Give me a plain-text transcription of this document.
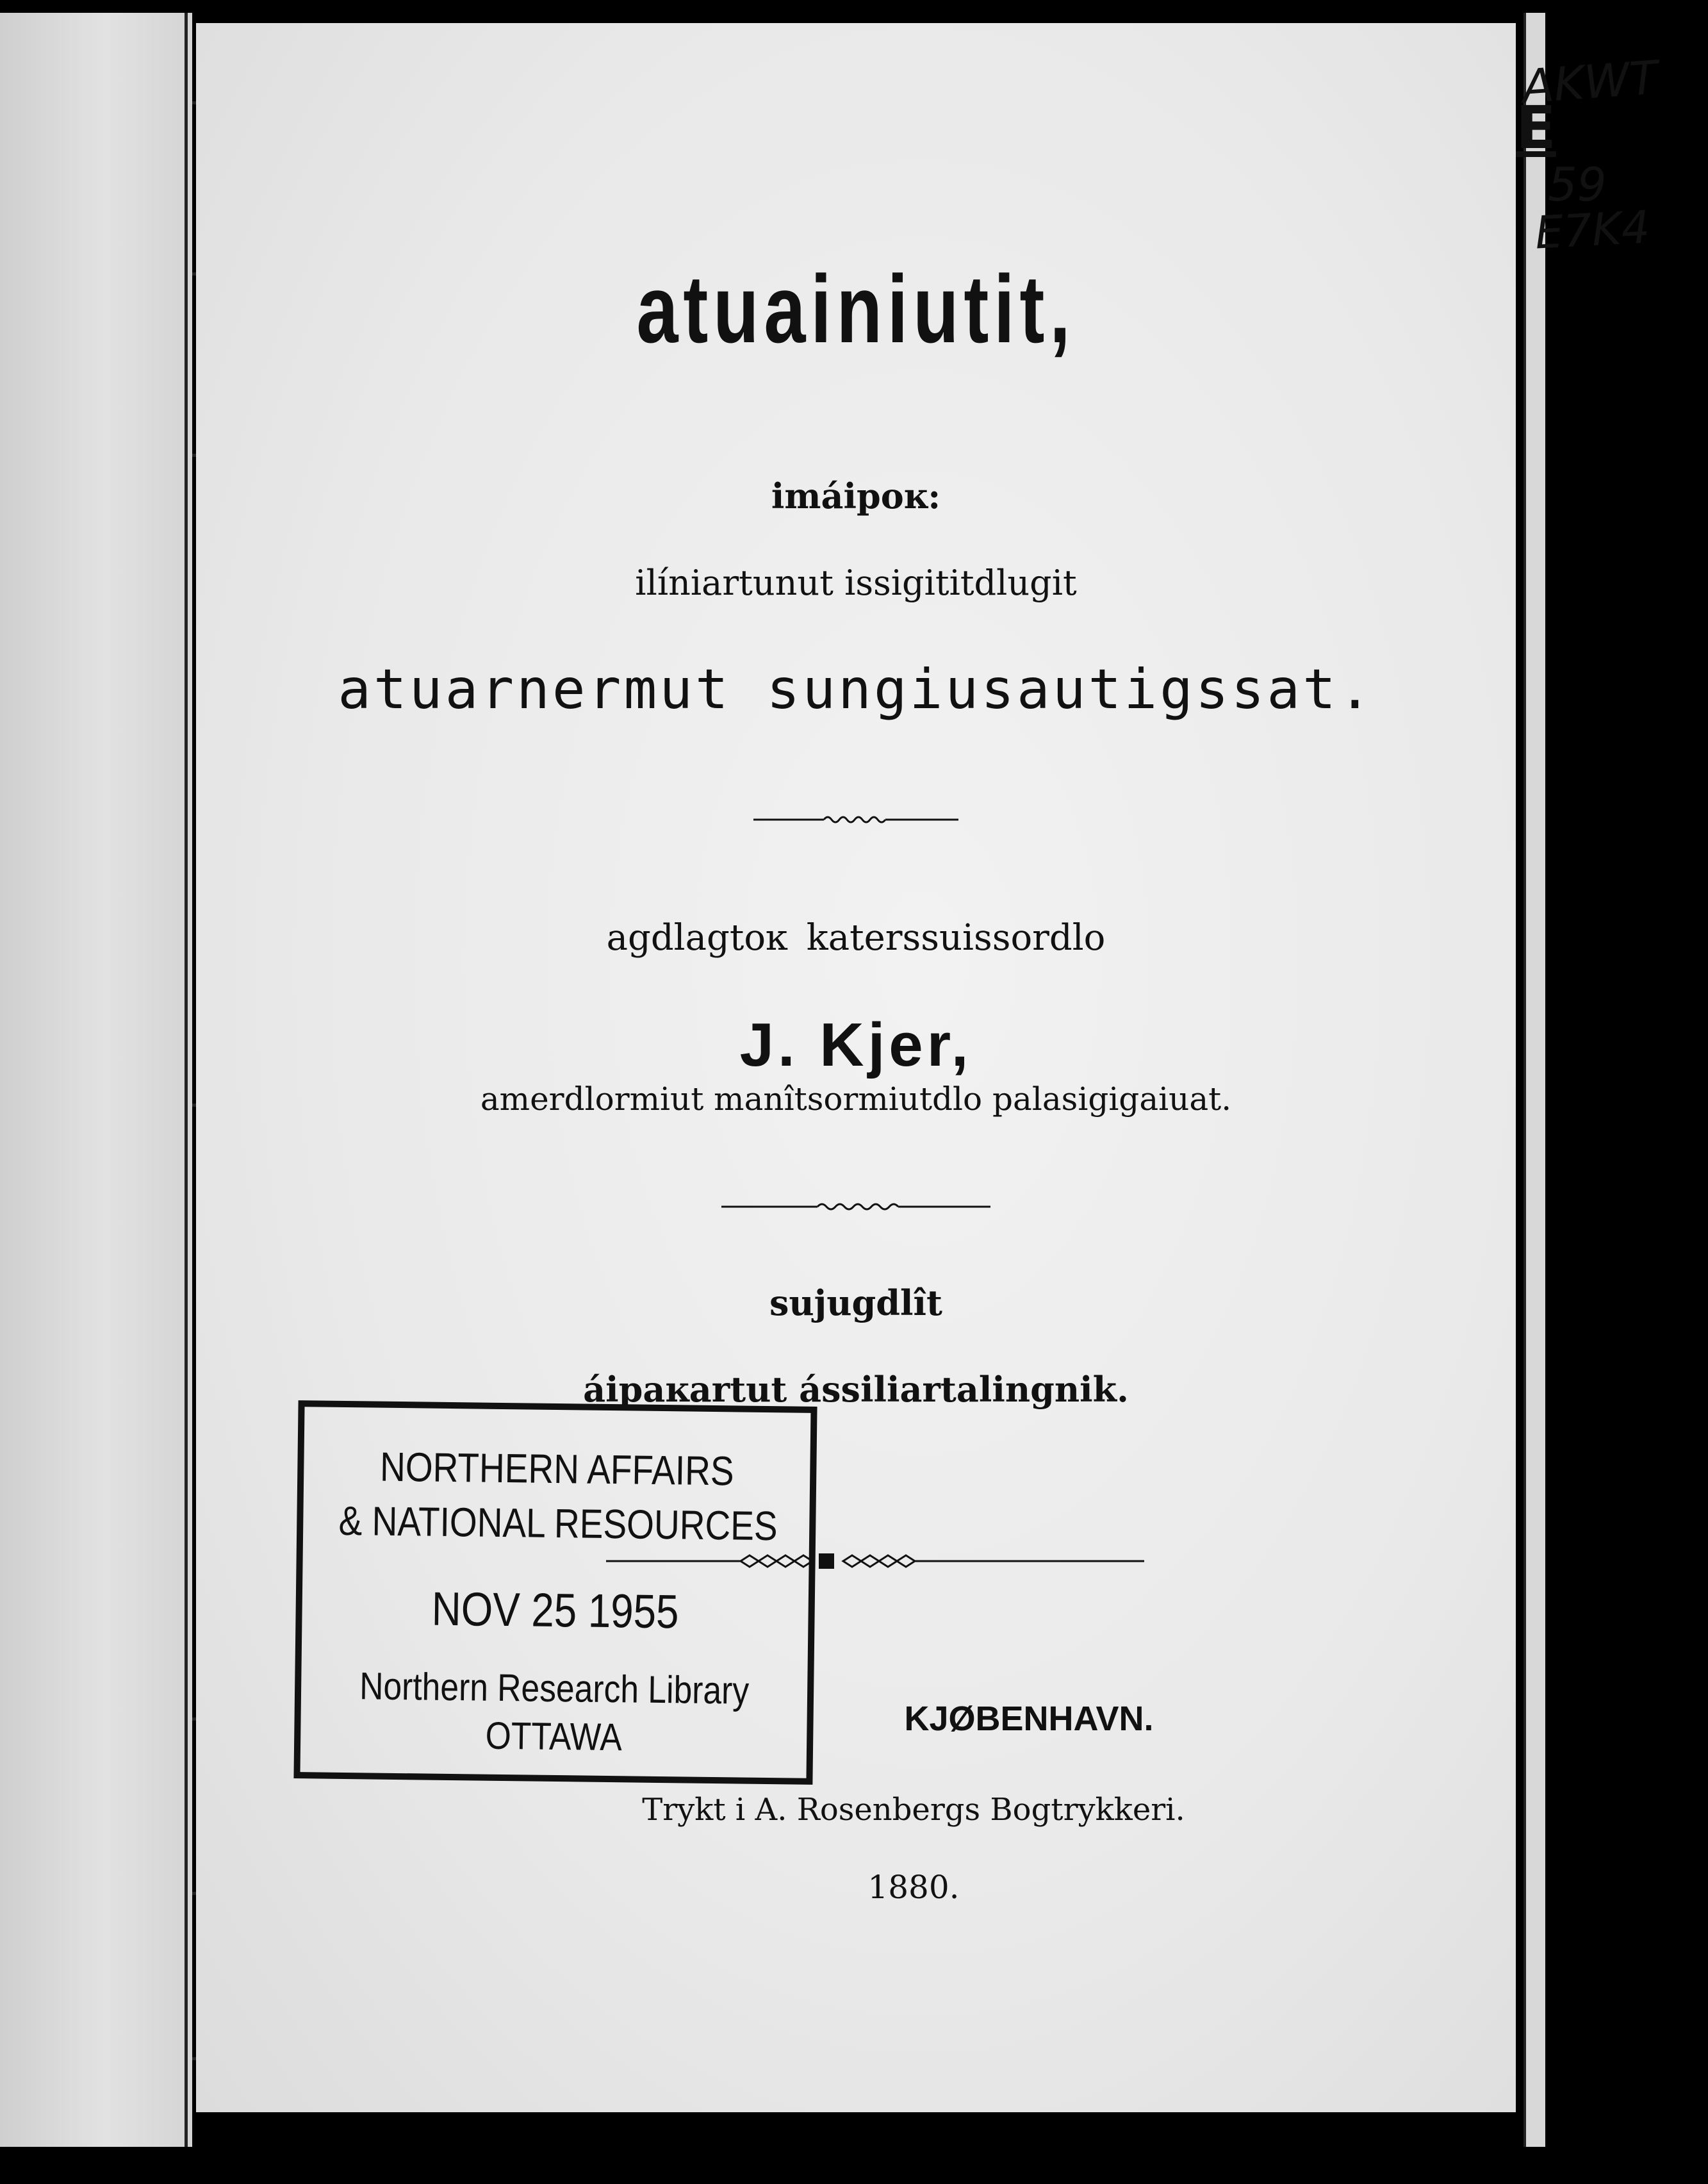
atuainiutit,
imáipoĸ:
ilíniartunut issigititdlugit
atuarnermut sungiusautigssat.
agdlagtoĸ katerssuissordlo
J. Kjer,
amerdlormiut manîtsormiutdlo palasigigaiuat.
sujugdlît
áipaĸartut ássiliartalingnik.
KJØBENHAVN.
Trykt i A. Rosenbergs Bogtrykkeri.
1880.
AKWT
E
59
E7K4
NORTHERN AFFAIRS
& NATIONAL RESOURCES
NOV 25 1955
Northern Research Library
OTTAWA
